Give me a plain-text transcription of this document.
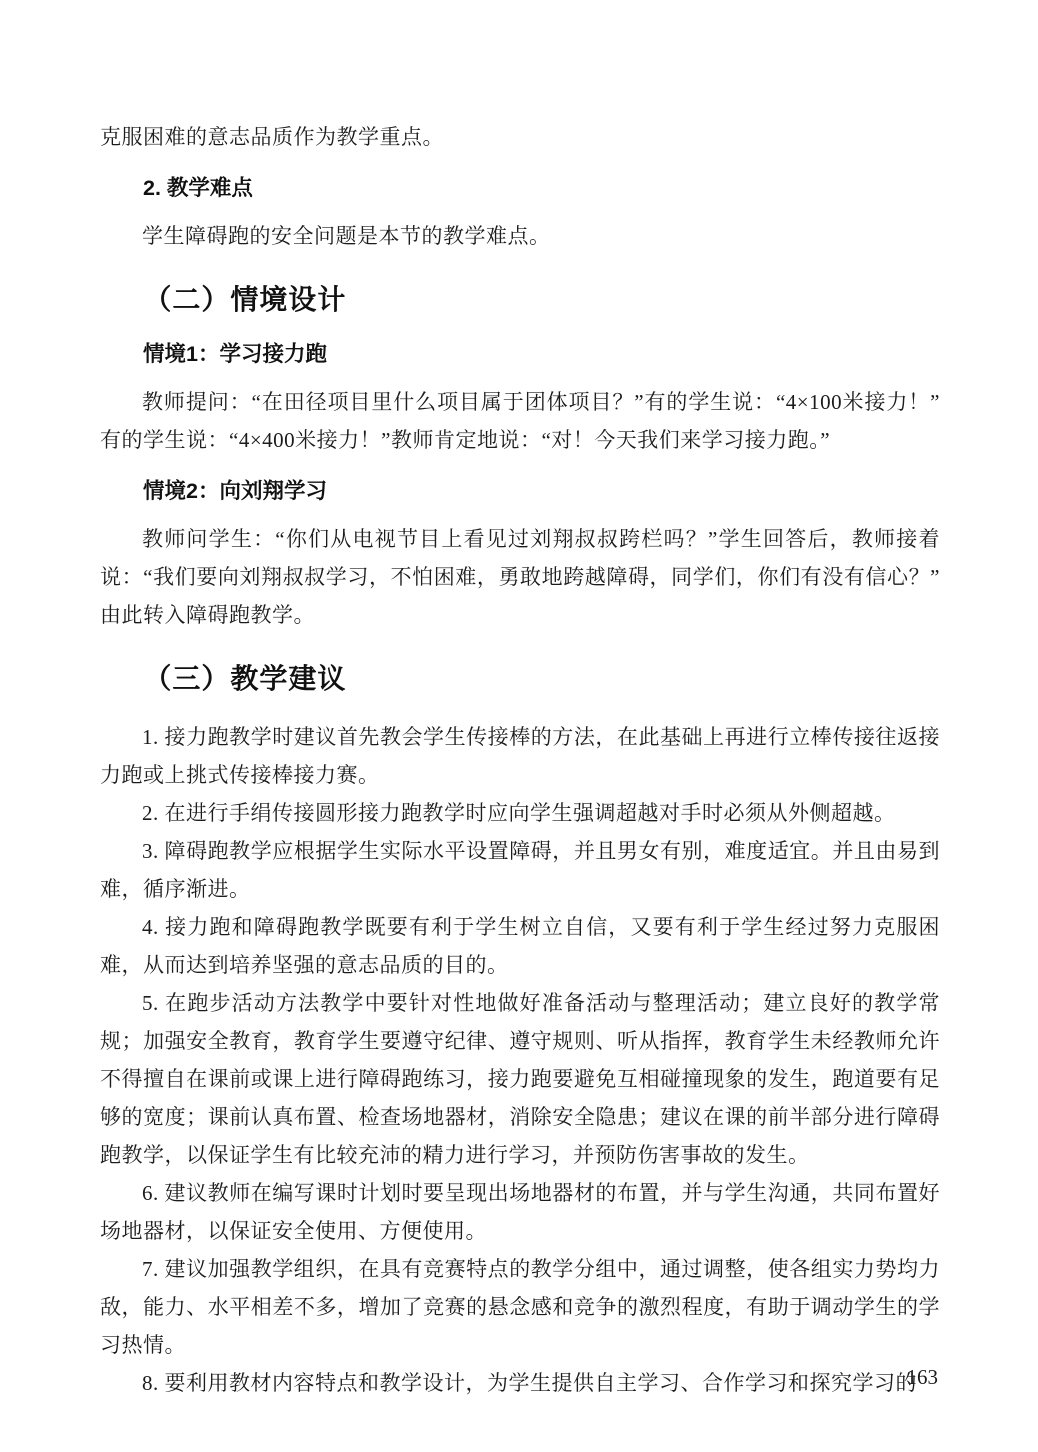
克服困难的意志品质作为教学重点。

2. 教学难点

学生障碍跑的安全问题是本节的教学难点。

（二）情境设计
情境1：学习接力跑

教师提问：“在田径项目里什么项目属于团体项目？”有的学生说：“4×100米接力！”有的学生说：“4×400米接力！”教师肯定地说：“对！今天我们来学习接力跑。”

情境2：向刘翔学习

教师问学生：“你们从电视节目上看见过刘翔叔叔跨栏吗？”学生回答后，教师接着说：“我们要向刘翔叔叔学习，不怕困难，勇敢地跨越障碍，同学们，你们有没有信心？”由此转入障碍跑教学。

（三）教学建议

1. 接力跑教学时建议首先教会学生传接棒的方法，在此基础上再进行立棒传接往返接力跑或上挑式传接棒接力赛。

2. 在进行手绢传接圆形接力跑教学时应向学生强调超越对手时必须从外侧超越。

3. 障碍跑教学应根据学生实际水平设置障碍，并且男女有别，难度适宜。并且由易到难，循序渐进。

4. 接力跑和障碍跑教学既要有利于学生树立自信，又要有利于学生经过努力克服困难，从而达到培养坚强的意志品质的目的。

5. 在跑步活动方法教学中要针对性地做好准备活动与整理活动；建立良好的教学常规；加强安全教育，教育学生要遵守纪律、遵守规则、听从指挥，教育学生未经教师允许不得擅自在课前或课上进行障碍跑练习，接力跑要避免互相碰撞现象的发生，跑道要有足够的宽度；课前认真布置、检查场地器材，消除安全隐患；建议在课的前半部分进行障碍跑教学，以保证学生有比较充沛的精力进行学习，并预防伤害事故的发生。

6. 建议教师在编写课时计划时要呈现出场地器材的布置，并与学生沟通，共同布置好场地器材，以保证安全使用、方便使用。

7. 建议加强教学组织，在具有竞赛特点的教学分组中，通过调整，使各组实力势均力敌，能力、水平相差不多，增加了竞赛的悬念感和竞争的激烈程度，有助于调动学生的学习热情。

8. 要利用教材内容特点和教学设计，为学生提供自主学习、合作学习和探究学习的

163
